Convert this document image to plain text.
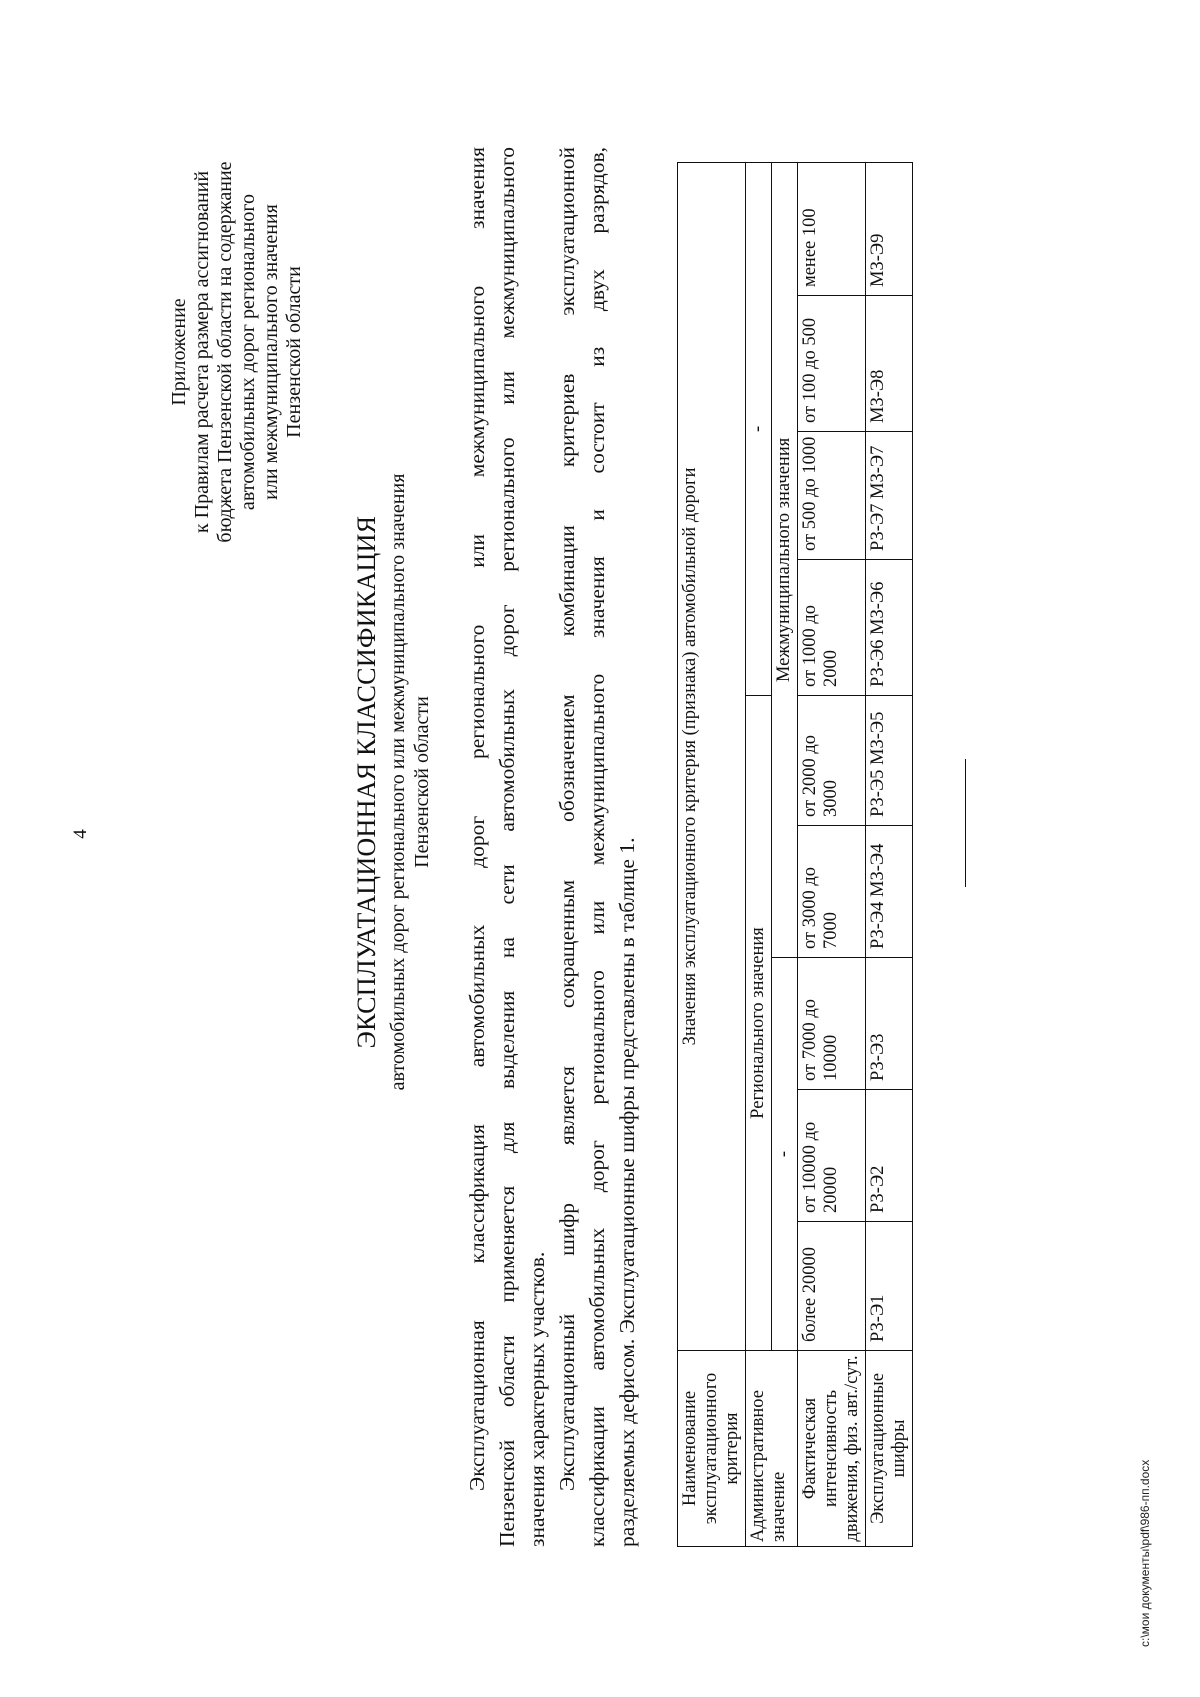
4
Приложение к Правилам расчета размера ассигнований бюджета Пензенской области на содержание автомобильных дорог регионального или межмуниципального значения Пензенской области
ЭКСПЛУАТАЦИОННАЯ КЛАССИФИКАЦИЯ автомобильных дорог регионального или межмуниципального значения Пензенской области Эксплуатационная классификация автомобильных дорог регионального или межмуниципального значения Пензенской области применяется для выделения на сети автомобильных дорог регионального или межмуниципального значения характерных участков. Эксплуатационный шифр является сокращенным обозначением комбинации критериев эксплуатационной классификации автомобильных дорог регионального или межмуниципального значения и состоит из двух разрядов, разделяемых дефисом. Эксплуатационные шифры представлены в таблице 1. Наименование эксплуатационного критерия	Значения эксплуатационного критерия (признака) автомобильной дороги								
Административное значение	Регионального значения					-			
	-			Межмуниципального значения					
Фактическая интенсивность движения, физ. авт./сут.	более 20000	от 10000 до 20000	от 7000 до 10000	от 3000 до 7000	от 2000 до 3000	от 1000 до 2000	от 500 до 1000	от 100 до 500	менее 100
Эксплуатационные шифры	РЗ-Э1	РЗ-Э2	РЗ-Э3	РЗ-Э4 МЗ-Э4	РЗ-Э5 МЗ-Э5	РЗ-Э6 МЗ-Э6	РЗ-Э7 МЗ-Э7	МЗ-Э8	МЗ-Э9
c:\мои документы\pdf\986-пп.docx
